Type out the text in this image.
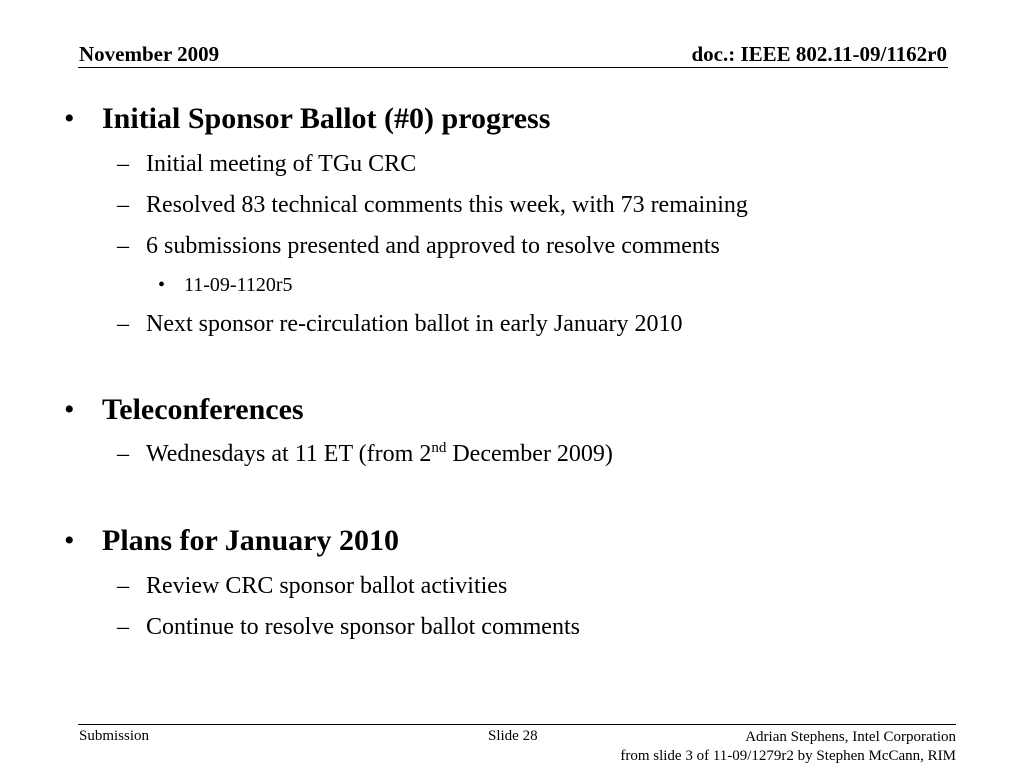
November 2009	doc.: IEEE 802.11-09/1162r0
• Initial Sponsor Ballot (#0) progress
– Initial meeting of TGu CRC
– Resolved 83 technical comments this week, with 73 remaining
– 6 submissions presented and approved to resolve comments
• 11-09-1120r5
– Next sponsor re-circulation ballot in early January 2010
• Teleconferences
– Wednesdays at 11 ET (from 2nd December 2009)
• Plans for January 2010
– Review CRC sponsor ballot activities
– Continue to resolve sponsor ballot comments
Submission	Slide 28	Adrian Stephens, Intel Corporation
from slide 3 of 11-09/1279r2 by Stephen McCann, RIM
